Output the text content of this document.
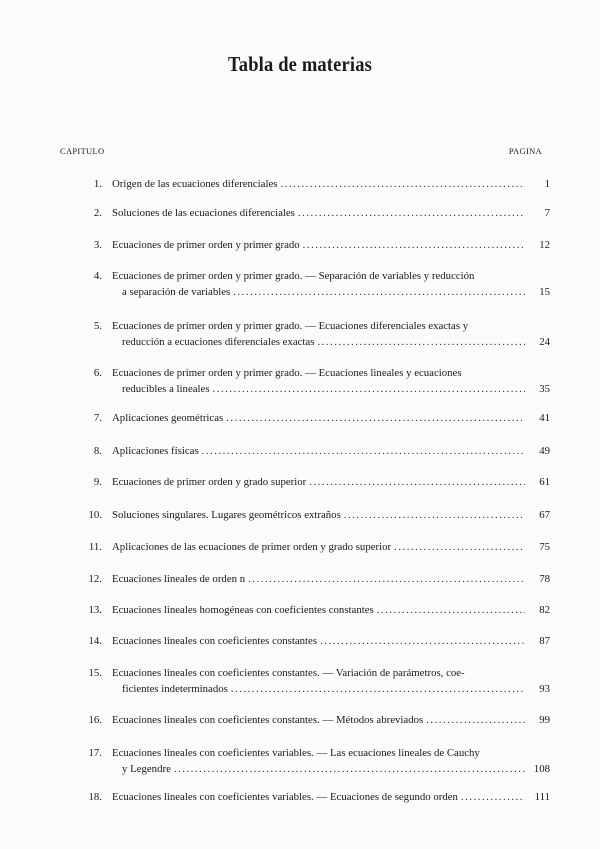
Tabla de materias
CAPITULO	PAGINA
1. Origen de las ecuaciones diferenciales .....	1
2. Soluciones de las ecuaciones diferenciales .....	7
3. Ecuaciones de primer orden y primer grado .....	12
4. Ecuaciones de primer orden y primer grado. — Separación de variables y reducción
a separación de variables .....	15
5. Ecuaciones de primer orden y primer grado. — Ecuaciones diferenciales exactas y
reducción a ecuaciones diferenciales exactas .....	24
6. Ecuaciones de primer orden y primer grado. — Ecuaciones lineales y ecuaciones
reducibles a lineales .....	35
7. Aplicaciones geométricas .....	41
8. Aplicaciones físicas .....	49
9. Ecuaciones de primer orden y grado superior .....	61
10. Soluciones singulares. Lugares geométricos extraños .....	67
11. Aplicaciones de las ecuaciones de primer orden y grado superior .....	75
12. Ecuaciones lineales de orden n .....	78
13. Ecuaciones lineales homogéneas con coeficientes constantes .....	82
14. Ecuaciones lineales con coeficientes constantes .....	87
15. Ecuaciones lineales con coeficientes constantes. — Variación de parámetros, coe-
ficientes indeterminados .....	93
16. Ecuaciones lineales con coeficientes constantes. — Métodos abreviados .....	99
17. Ecuaciones lineales con coeficientes variables. — Las ecuaciones lineales de Cauchy
y Legendre .....	108
18. Ecuaciones lineales con coeficientes variables. — Ecuaciones de segundo orden .....	111
